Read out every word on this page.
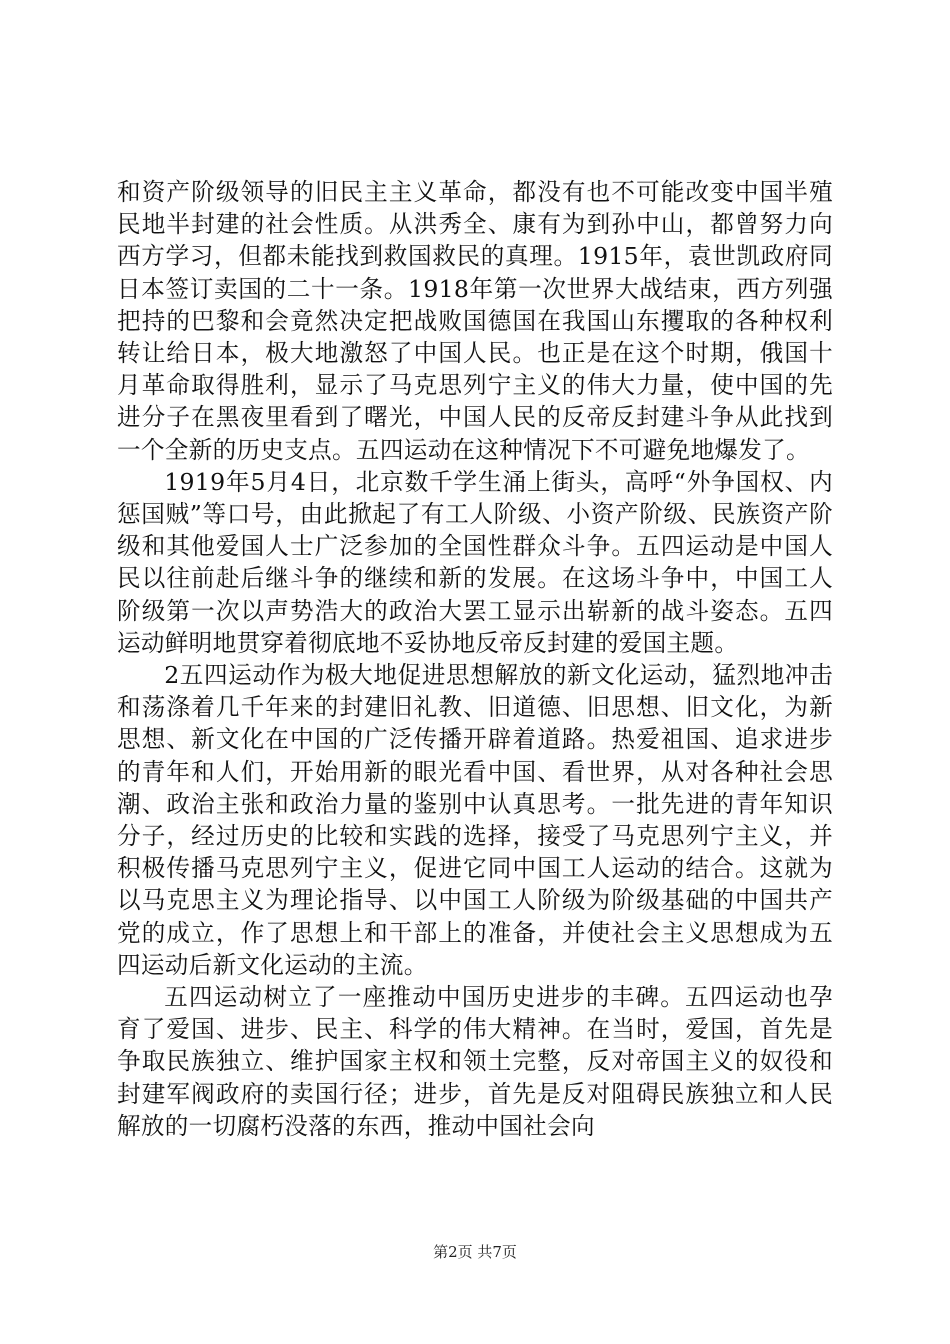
和资产阶级领导的旧民主主义革命，都没有也不可能改变中国半殖民地半封建的社会性质。从洪秀全、康有为到孙中山，都曾努力向西方学习，但都未能找到救国救民的真理。1915年，袁世凯政府同日本签订卖国的二十一条。1918年第一次世界大战结束，西方列强把持的巴黎和会竟然决定把战败国德国在我国山东攫取的各种权利转让给日本，极大地激怒了中国人民。也正是在这个时期，俄国十月革命取得胜利，显示了马克思列宁主义的伟大力量，使中国的先进分子在黑夜里看到了曙光，中国人民的反帝反封建斗争从此找到一个全新的历史支点。五四运动在这种情况下不可避免地爆发了。

1919年5月4日，北京数千学生涌上街头，高呼“外争国权、内惩国贼”等口号，由此掀起了有工人阶级、小资产阶级、民族资产阶级和其他爱国人士广泛参加的全国性群众斗争。五四运动是中国人民以往前赴后继斗争的继续和新的发展。在这场斗争中，中国工人阶级第一次以声势浩大的政治大罢工显示出崭新的战斗姿态。五四运动鲜明地贯穿着彻底地不妥协地反帝反封建的爱国主题。

2五四运动作为极大地促进思想解放的新文化运动，猛烈地冲击和荡涤着几千年来的封建旧礼教、旧道德、旧思想、旧文化，为新思想、新文化在中国的广泛传播开辟着道路。热爱祖国、追求进步的青年和人们，开始用新的眼光看中国、看世界，从对各种社会思潮、政治主张和政治力量的鉴别中认真思考。一批先进的青年知识分子，经过历史的比较和实践的选择，接受了马克思列宁主义，并积极传播马克思列宁主义，促进它同中国工人运动的结合。这就为以马克思主义为理论指导、以中国工人阶级为阶级基础的中国共产党的成立，作了思想上和干部上的准备，并使社会主义思想成为五四运动后新文化运动的主流。

五四运动树立了一座推动中国历史进步的丰碑。五四运动也孕育了爱国、进步、民主、科学的伟大精神。在当时，爱国，首先是争取民族独立、维护国家主权和领土完整，反对帝国主义的奴役和封建军阀政府的卖国行径；进步，首先是反对阻碍民族独立和人民解放的一切腐朽没落的东西，推动中国社会向

第2页 共7页
